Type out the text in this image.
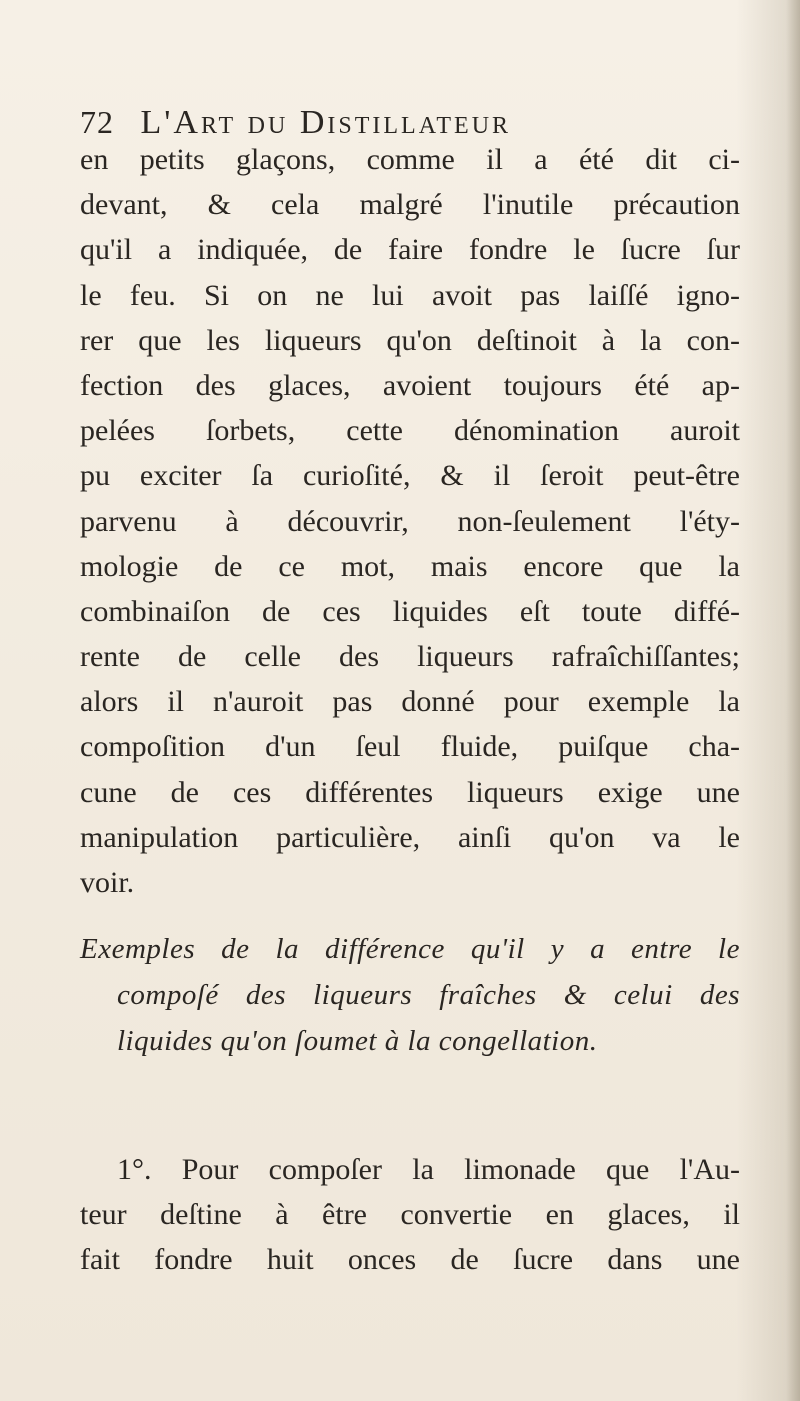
72 L'Art du Distillateur
en petits glaçons, comme il a été dit ci-
devant, & cela malgré l'inutile précaution
qu'il a indiquée, de faire fondre le ſucre ſur
le feu. Si on ne lui avoit pas laiſſé igno-
rer que les liqueurs qu'on deſtinoit à la con-
fection des glaces, avoient toujours été ap-
pelées ſorbets, cette dénomination auroit
pu exciter ſa curioſité, & il ſeroit peut-être
parvenu à découvrir, non-ſeulement l'éty-
mologie de ce mot, mais encore que la
combinaiſon de ces liquides eſt toute diffé-
rente de celle des liqueurs rafraîchiſſantes;
alors il n'auroit pas donné pour exemple la
compoſition d'un ſeul fluide, puiſque cha-
cune de ces différentes liqueurs exige une
manipulation particulière, ainſi qu'on va le
voir.
Exemples de la différence qu'il y a entre le
compoſé des liqueurs fraîches & celui des
liquides qu'on ſoumet à la congellation.
1°. Pour compoſer la limonade que l'Au-
teur deſtine à être convertie en glaces, il
fait fondre huit onces de ſucre dans une
